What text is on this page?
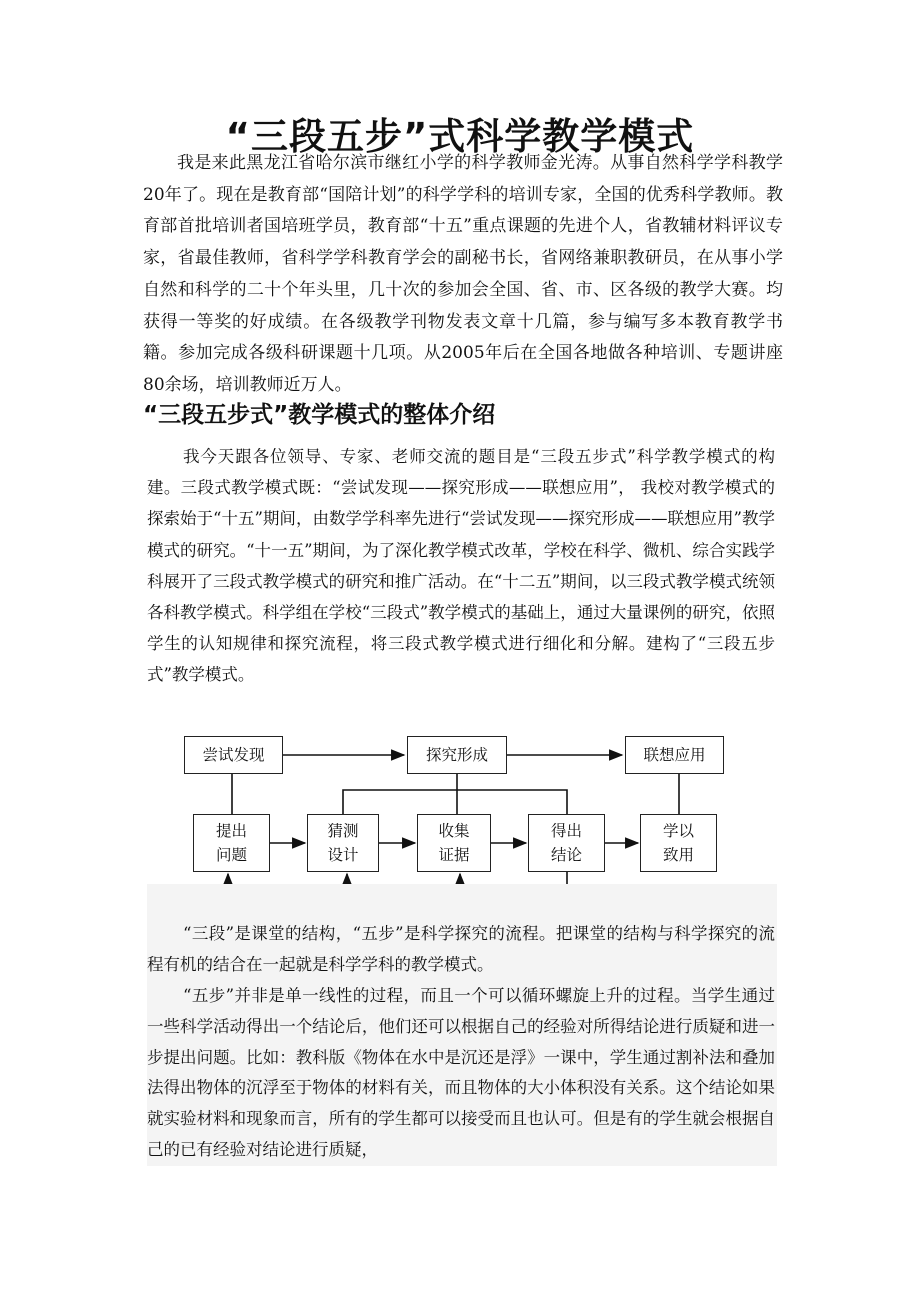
“三段五步”式科学教学模式

我是来此黑龙江省哈尔滨市继红小学的科学教师金光涛。从事自然科学学科教学20年了。现在是教育部“国陪计划”的科学学科的培训专家，全国的优秀科学教师。教育部首批培训者国培班学员，教育部“十五”重点课题的先进个人，省教辅材料评议专家，省最佳教师，省科学学科教育学会的副秘书长，省网络兼职教研员，在从事小学自然和科学的二十个年头里，几十次的参加会全国、省、市、区各级的教学大赛。均获得一等奖的好成绩。在各级教学刊物发表文章十几篇，参与编写多本教育教学书籍。参加完成各级科研课题十几项。从2005年后在全国各地做各种培训、专题讲座80余场，培训教师近万人。

“三段五步式”教学模式的整体介绍

我今天跟各位领导、专家、老师交流的题目是“三段五步式”科学教学模式的构建。三段式教学模式既：“尝试发现——探究形成——联想应用”， 我校对教学模式的探索始于“十五”期间，由数学学科率先进行“尝试发现——探究形成——联想应用”教学模式的研究。“十一五”期间，为了深化教学模式改革，学校在科学、微机、综合实践学科展开了三段式教学模式的研究和推广活动。在“十二五”期间，以三段式教学模式统领各科教学模式。科学组在学校“三段式”教学模式的基础上，通过大量课例的研究，依照学生的认知规律和探究流程，将三段式教学模式进行细化和分解。建构了“三段五步式”教学模式。

尝试发现	探究形成	联想应用
提出
问题
猜测
设计
收集
证据
得出
结论
学以
致用

“三段”是课堂的结构，“五步”是科学探究的流程。把课堂的结构与科学探究的流程有机的结合在一起就是科学学科的教学模式。

“五步”并非是单一线性的过程，而且一个可以循环螺旋上升的过程。当学生通过一些科学活动得出一个结论后，他们还可以根据自己的经验对所得结论进行质疑和进一步提出问题。比如：教科版《物体在水中是沉还是浮》一课中，学生通过割补法和叠加法得出物体的沉浮至于物体的材料有关，而且物体的大小体积没有关系。这个结论如果就实验材料和现象而言，所有的学生都可以接受而且也认可。但是有的学生就会根据自己的已有经验对结论进行质疑，
